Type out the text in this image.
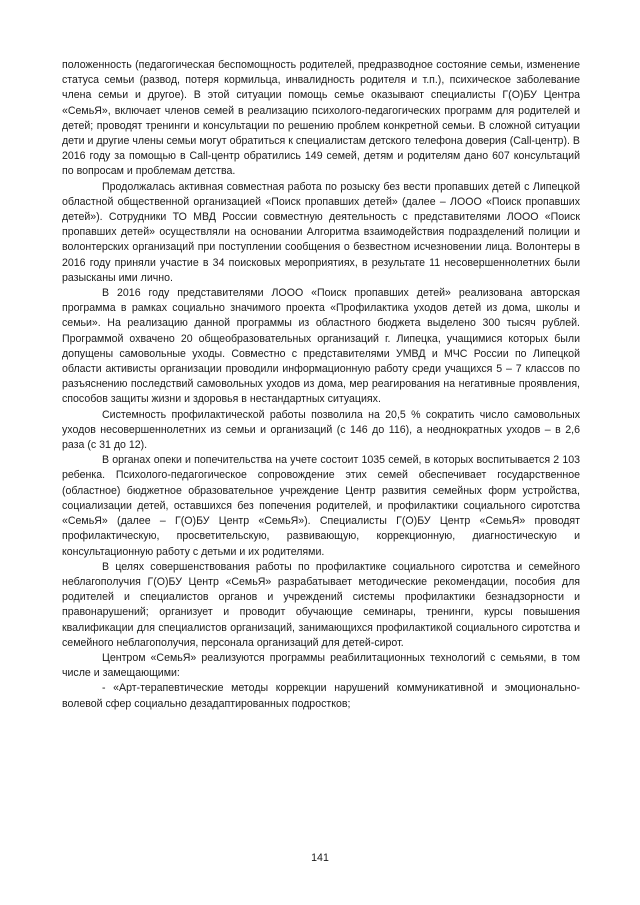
положенность (педагогическая беспомощность родителей, предразводное состояние семьи, изменение статуса семьи (развод, потеря кормильца, инвалидность родителя и т.п.), психическое заболевание члена семьи и другое). В этой ситуации помощь семье оказывают специалисты Г(О)БУ Центра «СемьЯ», включает членов семей в реализацию психолого-педагогических программ для родителей и детей; проводят тренинги и консультации по решению проблем конкретной семьи. В сложной ситуации дети и другие члены семьи могут обратиться к специалистам детского телефона доверия (Call-центр). В 2016 году за помощью в Call-центр обратились 149 семей, детям и родителям дано 607 консультаций по вопросам и проблемам детства.

Продолжалась активная совместная работа по розыску без вести пропавших детей с Липецкой областной общественной организацией «Поиск пропавших детей» (далее – ЛООО «Поиск пропавших детей»). Сотрудники ТО МВД России совместную деятельность с представителями ЛООО «Поиск пропавших детей» осуществляли на основании Алгоритма взаимодействия подразделений полиции и волонтерских организаций при поступлении сообщения о безвестном исчезновении лица. Волонтеры в 2016 году приняли участие в 34 поисковых мероприятиях, в результате 11 несовершеннолетних были разысканы ими лично.

В 2016 году представителями ЛООО «Поиск пропавших детей» реализована авторская программа в рамках социально значимого проекта «Профилактика уходов детей из дома, школы и семьи». На реализацию данной программы из областного бюджета выделено 300 тысяч рублей. Программой охвачено 20 общеобразовательных организаций г. Липецка, учащимися которых были допущены самовольные уходы. Совместно с представителями УМВД и МЧС России по Липецкой области активисты организации проводили информационную работу среди учащихся 5 – 7 классов по разъяснению последствий самовольных уходов из дома, мер реагирования на негативные проявления, способов защиты жизни и здоровья в нестандартных ситуациях.

Системность профилактической работы позволила на 20,5 % сократить число самовольных уходов несовершеннолетних из семьи и организаций (с 146 до 116), а неоднократных уходов – в 2,6 раза (с 31 до 12).

В органах опеки и попечительства на учете состоит 1035 семей, в которых воспитывается 2 103 ребенка. Психолого-педагогическое сопровождение этих семей обеспечивает государственное (областное) бюджетное образовательное учреждение Центр развития семейных форм устройства, социализации детей, оставшихся без попечения родителей, и профилактики социального сиротства «СемьЯ» (далее – Г(О)БУ Центр «СемьЯ»). Специалисты Г(О)БУ Центр «СемьЯ» проводят профилактическую, просветительскую, развивающую, коррекционную, диагностическую и консультационную работу с детьми и их родителями.

В целях совершенствования работы по профилактике социального сиротства и семейного неблагополучия Г(О)БУ Центр «СемьЯ» разрабатывает методические рекомендации, пособия для родителей и специалистов органов и учреждений системы профилактики безнадзорности и правонарушений; организует и проводит обучающие семинары, тренинги, курсы повышения квалификации для специалистов организаций, занимающихся профилактикой социального сиротства и семейного неблагополучия, персонала организаций для детей-сирот.

Центром «СемьЯ» реализуются программы реабилитационных технологий с семьями, в том числе и замещающими:

- «Арт-терапевтические методы коррекции нарушений коммуникативной и эмоционально-волевой сфер социально дезадаптированных подростков;

141
